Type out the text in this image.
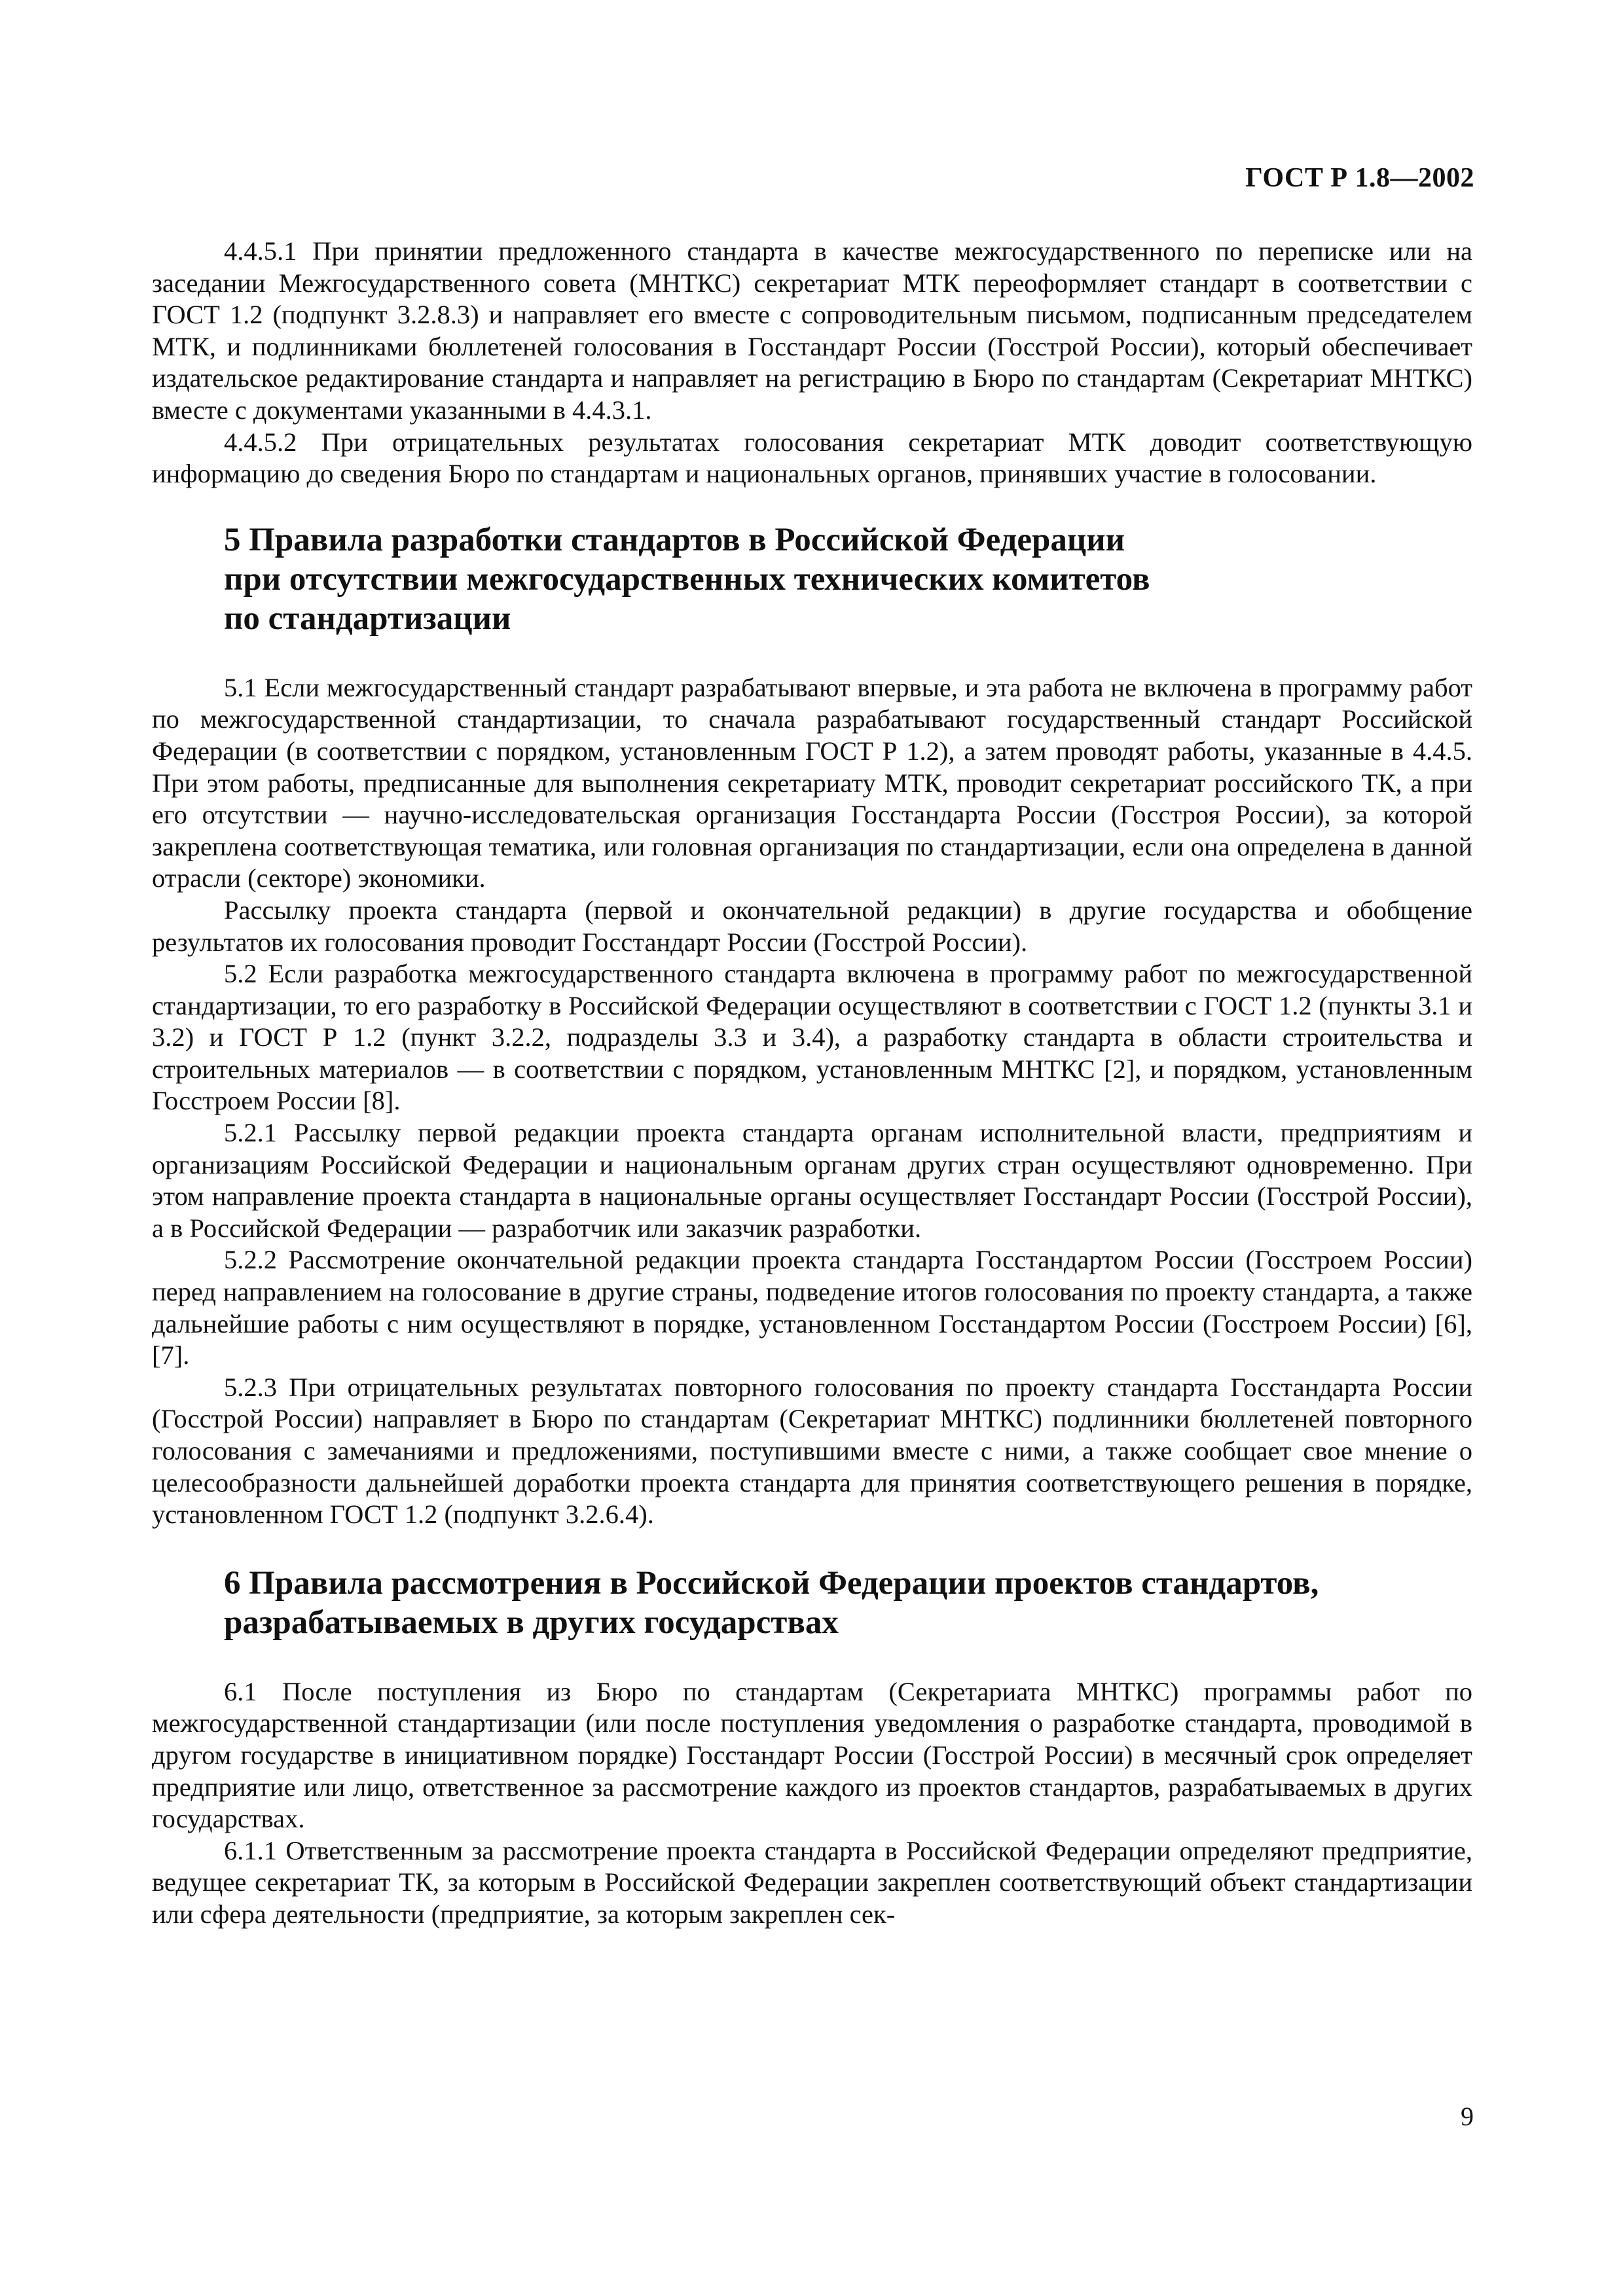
ГОСТ Р 1.8—2002

4.4.5.1 При принятии предложенного стандарта в качестве межгосударственного по переписке или на заседании Межгосударственного совета (МНТКС) секретариат МТК переоформляет стандарт в соответствии с ГОСТ 1.2 (подпункт 3.2.8.3) и направляет его вместе с сопроводительным письмом, подписанным председателем МТК, и подлинниками бюллетеней голосования в Госстандарт России (Госстрой России), который обеспечивает издательское редактирование стандарта и направляет на регистрацию в Бюро по стандартам (Секретариат МНТКС) вместе с документами указанными в 4.4.3.1.

4.4.5.2 При отрицательных результатах голосования секретариат МТК доводит соответствующую информацию до сведения Бюро по стандартам и национальных органов, принявших участие в голосовании.

5 Правила разработки стандартов в Российской Федерации
при отсутствии межгосударственных технических комитетов
по стандартизации

5.1 Если межгосударственный стандарт разрабатывают впервые, и эта работа не включена в программу работ по межгосударственной стандартизации, то сначала разрабатывают государственный стандарт Российской Федерации (в соответствии с порядком, установленным ГОСТ Р 1.2), а затем проводят работы, указанные в 4.4.5. При этом работы, предписанные для выполнения секретариату МТК, проводит секретариат российского ТК, а при его отсутствии — научно-исследовательская организация Госстандарта России (Госстроя России), за которой закреплена соответствующая тематика, или головная организация по стандартизации, если она определена в данной отрасли (секторе) экономики.

Рассылку проекта стандарта (первой и окончательной редакции) в другие государства и обобщение результатов их голосования проводит Госстандарт России (Госстрой России).

5.2 Если разработка межгосударственного стандарта включена в программу работ по межгосударственной стандартизации, то его разработку в Российской Федерации осуществляют в соответствии с ГОСТ 1.2 (пункты 3.1 и 3.2) и ГОСТ Р 1.2 (пункт 3.2.2, подразделы 3.3 и 3.4), а разработку стандарта в области строительства и строительных материалов — в соответствии с порядком, установленным МНТКС [2], и порядком, установленным Госстроем России [8].

5.2.1 Рассылку первой редакции проекта стандарта органам исполнительной власти, предприятиям и организациям Российской Федерации и национальным органам других стран осуществляют одновременно. При этом направление проекта стандарта в национальные органы осуществляет Госстандарт России (Госстрой России), а в Российской Федерации — разработчик или заказчик разработки.

5.2.2 Рассмотрение окончательной редакции проекта стандарта Госстандартом России (Госстроем России) перед направлением на голосование в другие страны, подведение итогов голосования по проекту стандарта, а также дальнейшие работы с ним осуществляют в порядке, установленном Госстандартом России (Госстроем России) [6], [7].

5.2.3 При отрицательных результатах повторного голосования по проекту стандарта Госстандарта России (Госстрой России) направляет в Бюро по стандартам (Секретариат МНТКС) подлинники бюллетеней повторного голосования с замечаниями и предложениями, поступившими вместе с ними, а также сообщает свое мнение о целесообразности дальнейшей доработки проекта стандарта для принятия соответствующего решения в порядке, установленном ГОСТ 1.2 (подпункт 3.2.6.4).

6 Правила рассмотрения в Российской Федерации проектов стандартов,
разрабатываемых в других государствах

6.1 После поступления из Бюро по стандартам (Секретариата МНТКС) программы работ по межгосударственной стандартизации (или после поступления уведомления о разработке стандарта, проводимой в другом государстве в инициативном порядке) Госстандарт России (Госстрой России) в месячный срок определяет предприятие или лицо, ответственное за рассмотрение каждого из проектов стандартов, разрабатываемых в других государствах.

6.1.1 Ответственным за рассмотрение проекта стандарта в Российской Федерации определяют предприятие, ведущее секретариат ТК, за которым в Российской Федерации закреплен соответствующий объект стандартизации или сфера деятельности (предприятие, за которым закреплен сек-

9
